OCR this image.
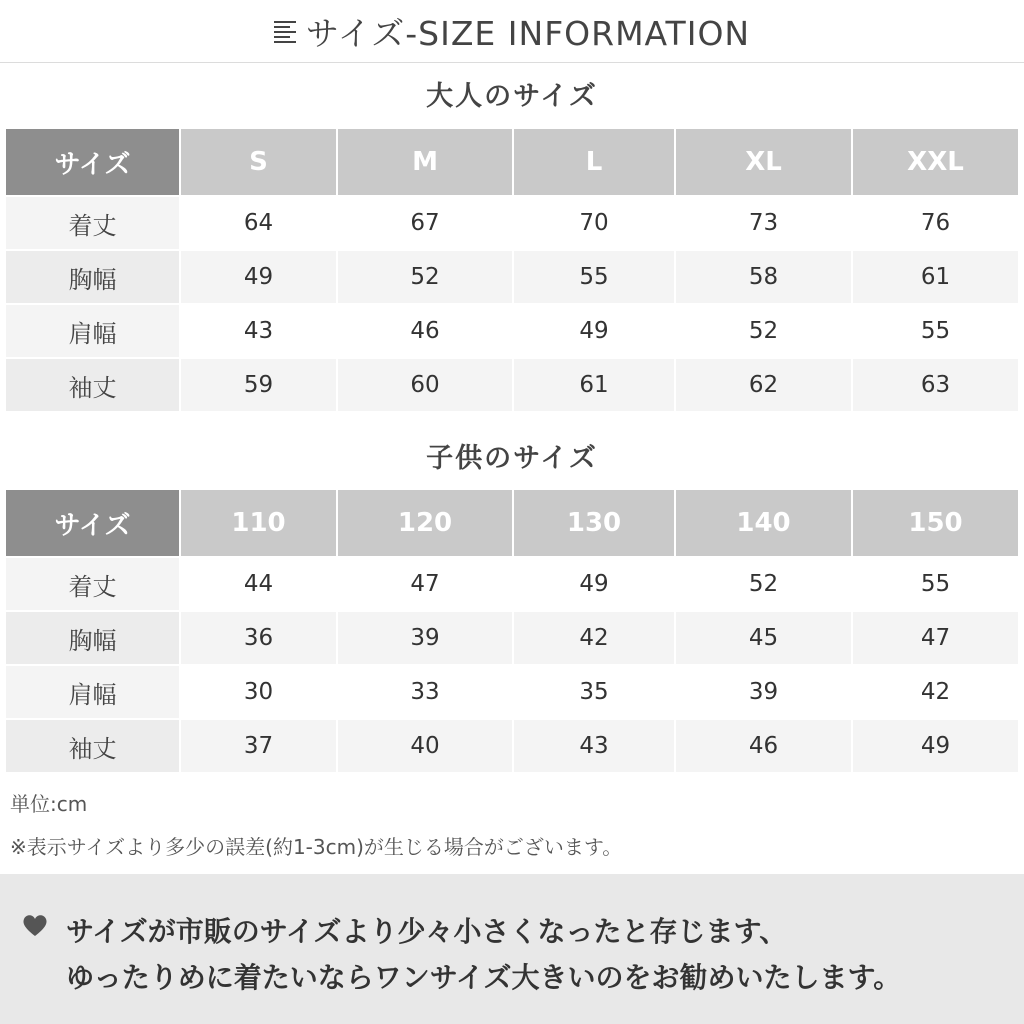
サイズ-SIZE INFORMATION
大人のサイズ
サイズ	S	M	L	XL	XXL
着丈	64	67	70	73	76
胸幅	49	52	55	58	61
肩幅	43	46	49	52	55
袖丈	59	60	61	62	63
子供のサイズ
サイズ	110	120	130	140	150
着丈	44	47	49	52	55
胸幅	36	39	42	45	47
肩幅	30	33	35	39	42
袖丈	37	40	43	46	49
単位:cm
※表示サイズより多少の誤差(約1-3cm)が生じる場合がございます。
サイズが市販のサイズより少々小さくなったと存じます、
ゆったりめに着たいならワンサイズ大きいのをお勧めいたします。
